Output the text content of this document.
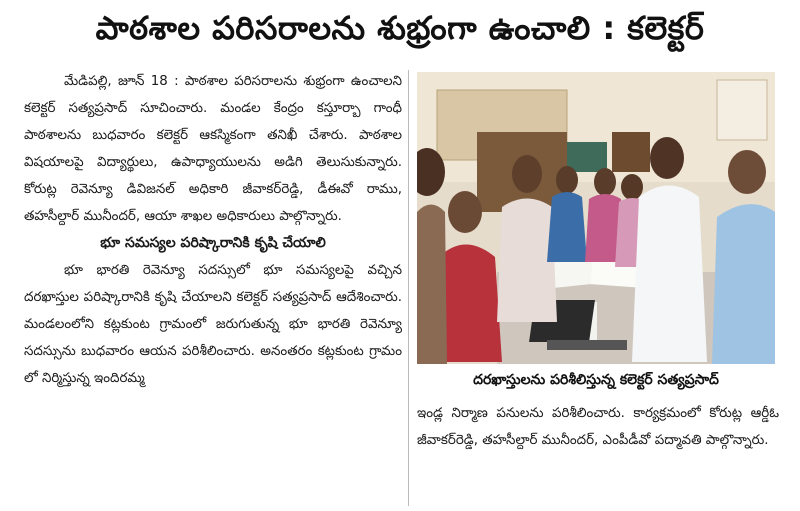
పాఠశాల పరిసరాలను శుభ్రంగా ఉంచాలి : కలెక్టర్

మేడిపల్లి, జూన్ 18 : పాఠశాల పరిసరాలను శుభ్రంగా ఉంచాలని కలెక్టర్ సత్యప్రసాద్ సూచించారు. మండల కేంద్రం కస్తూర్బా గాంధీ పాఠశాలను బుధవారం కలెక్టర్ ఆకస్మికంగా తనిఖీ చేశారు. పాఠశాల విషయాలపై విద్యార్థులు, ఉపాధ్యాయులను అడిగి తెలుసుకున్నారు. కోరుట్ల రెవెన్యూ డివిజనల్ అధికారి జీవాకర్‌రెడ్డి, డీఈవో రాము, తహసీల్దార్ మునీందర్, ఆయా శాఖల అధికారులు పాల్గొన్నారు.

భూ సమస్యల పరిష్కారానికి కృషి చేయాలి

భూ భారతి రెవెన్యూ సదస్సులో భూ సమస్యలపై వచ్చిన దరఖాస్తుల పరిష్కారానికి కృషి చేయాలని కలెక్టర్ సత్యప్రసాద్ ఆదేశించారు. మండలంలోని కట్లకుంట గ్రామంలో జరుగుతున్న భూ భారతి రెవెన్యూ సదస్సును బుధవారం ఆయన పరిశీలించారు. అనంతరం కట్లకుంట గ్రామం లో నిర్మిస్తున్న ఇందిరమ్మ	దరఖాస్తులను పరిశీలిస్తున్న కలెక్టర్ సత్యప్రసాద్

ఇండ్ల నిర్మాణ పనులను పరిశీలించారు. కార్యక్రమంలో కోరుట్ల ఆర్డీఓ జీవాకర్‌రెడ్డి, తహసీల్దార్ మునీందర్, ఎంపీడీవో పద్మావతి పాల్గొన్నారు.
